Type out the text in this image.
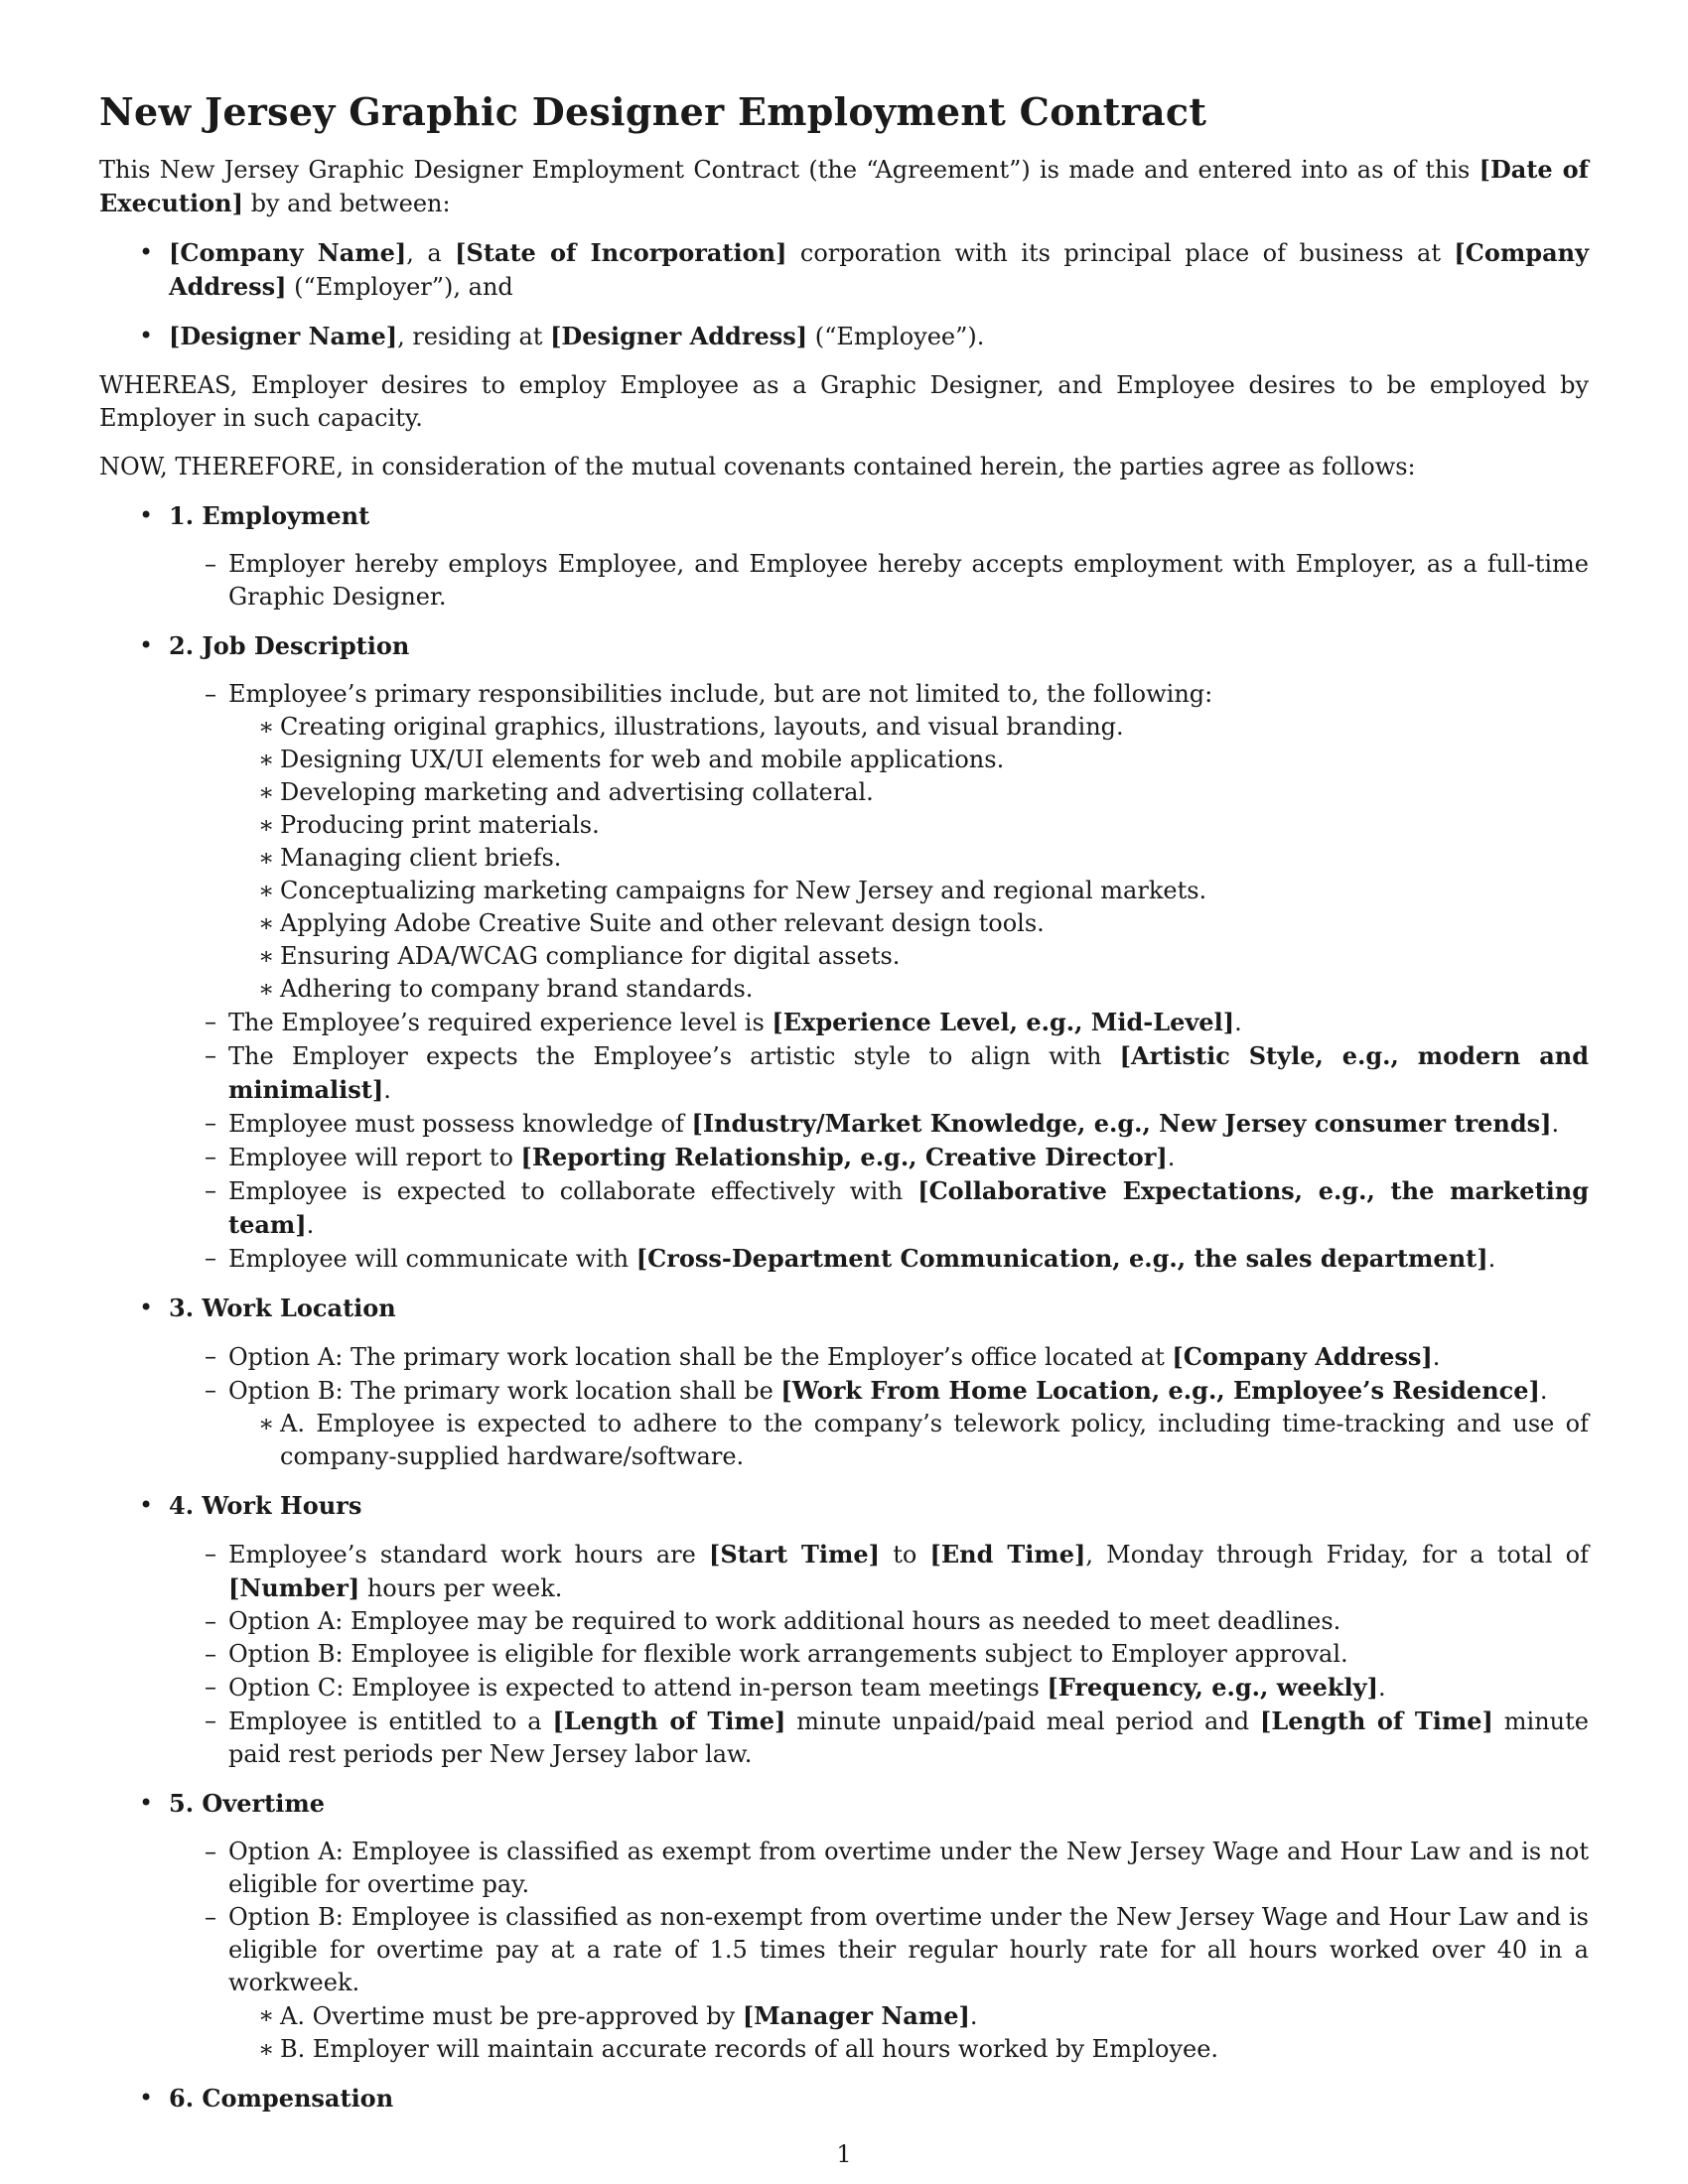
New Jersey Graphic Designer Employment Contract

This New Jersey Graphic Designer Employment Contract (the “Agreement”) is made and entered into as of this [Date of Execution] by and between:

• [Company Name], a [State of Incorporation] corporation with its principal place of business at [Company Address] (“Employer”), and
• [Designer Name], residing at [Designer Address] (“Employee”).

WHEREAS, Employer desires to employ Employee as a Graphic Designer, and Employee desires to be employed by Employer in such capacity.

NOW, THEREFORE, in consideration of the mutual covenants contained herein, the parties agree as follows:

• 1. Employment
– Employer hereby employs Employee, and Employee hereby accepts employment with Employer, as a full-time Graphic Designer.
• 2. Job Description
– Employee’s primary responsibilities include, but are not limited to, the following:
∗ Creating original graphics, illustrations, layouts, and visual branding.
∗ Designing UX/UI elements for web and mobile applications.
∗ Developing marketing and advertising collateral.
∗ Producing print materials.
∗ Managing client briefs.
∗ Conceptualizing marketing campaigns for New Jersey and regional markets.
∗ Applying Adobe Creative Suite and other relevant design tools.
∗ Ensuring ADA/WCAG compliance for digital assets.
∗ Adhering to company brand standards.
– The Employee’s required experience level is [Experience Level, e.g., Mid-Level].
– The Employer expects the Employee’s artistic style to align with [Artistic Style, e.g., modern and minimalist].
– Employee must possess knowledge of [Industry/Market Knowledge, e.g., New Jersey consumer trends].
– Employee will report to [Reporting Relationship, e.g., Creative Director].
– Employee is expected to collaborate effectively with [Collaborative Expectations, e.g., the marketing team].
– Employee will communicate with [Cross-Department Communication, e.g., the sales department].
• 3. Work Location
– Option A: The primary work location shall be the Employer’s office located at [Company Address].
– Option B: The primary work location shall be [Work From Home Location, e.g., Employee’s Residence].
∗ A. Employee is expected to adhere to the company’s telework policy, including time-tracking and use of company-supplied hardware/software.
• 4. Work Hours
– Employee’s standard work hours are [Start Time] to [End Time], Monday through Friday, for a total of [Number] hours per week.
– Option A: Employee may be required to work additional hours as needed to meet deadlines.
– Option B: Employee is eligible for flexible work arrangements subject to Employer approval.
– Option C: Employee is expected to attend in-person team meetings [Frequency, e.g., weekly].
– Employee is entitled to a [Length of Time] minute unpaid/paid meal period and [Length of Time] minute paid rest periods per New Jersey labor law.
• 5. Overtime
– Option A: Employee is classified as exempt from overtime under the New Jersey Wage and Hour Law and is not eligible for overtime pay.
– Option B: Employee is classified as non-exempt from overtime under the New Jersey Wage and Hour Law and is eligible for overtime pay at a rate of 1.5 times their regular hourly rate for all hours worked over 40 in a workweek.
∗ A. Overtime must be pre-approved by [Manager Name].
∗ B. Employer will maintain accurate records of all hours worked by Employee.
• 6. Compensation
1
